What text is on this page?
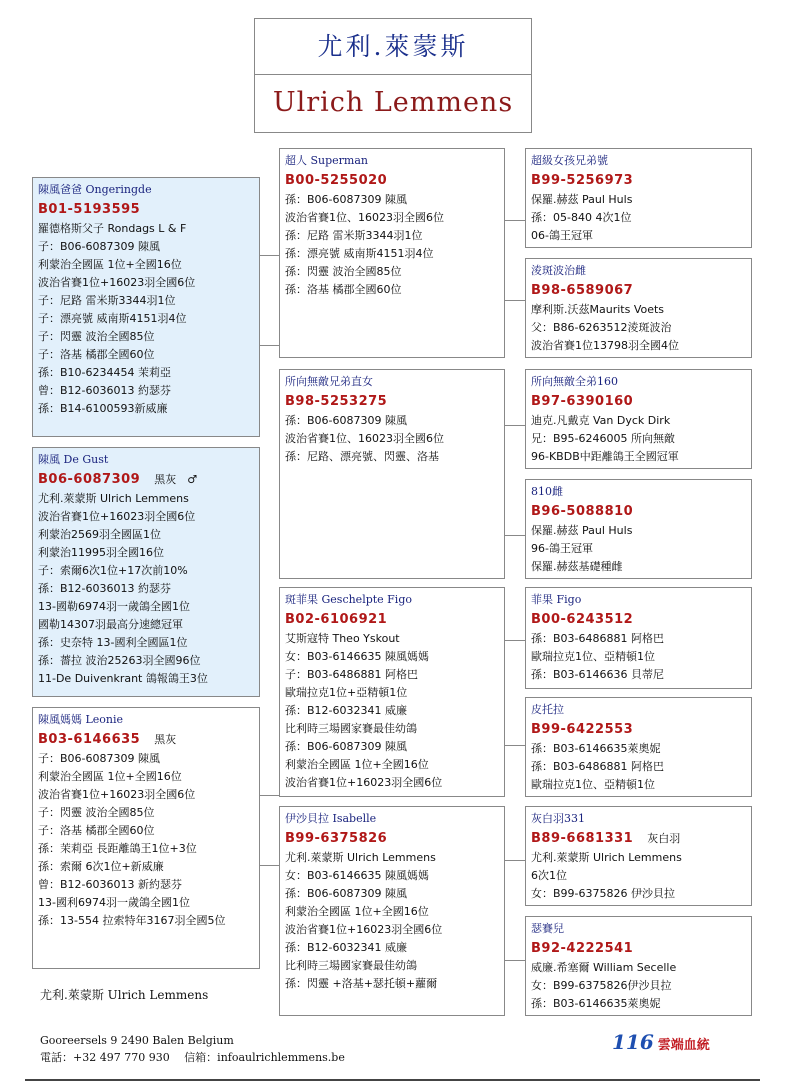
尤利.萊蒙斯
Ulrich Lemmens
陳風爸爸 Ongeringde
B01-5193595
羅德格斯父子 Rondags L & F
子：B06-6087309 陳風
利蒙治全國區 1位+全國16位
波治省賽1位+16023羽全國6位
子：尼路 雷米斯3344羽1位
子：漂亮號 威南斯4151羽4位
子：閃靈 波治全國85位
子：洛基 橘郡全國60位
孫：B10-6234454 茉莉亞
曾：B12-6036013 約瑟芬
孫：B14-6100593新威廉
陳風 De Gust
B06-6087309 黑灰　♂
尤利.萊蒙斯 Ulrich Lemmens
波治省賽1位+16023羽全國6位
利蒙治2569羽全國區1位
利蒙治11995羽全國16位
子：索爾6次1位+17次前10%
孫：B12-6036013 約瑟芬
13-國勒6974羽一歲鴿全國1位
國勒14307羽最高分速總冠軍
孫：史奈特 13-國利全國區1位
孫：薔拉 波治25263羽全國96位
11-De Duivenkrant 鴿報鴿王3位
陳風媽媽 Leonie
B03-6146635 黑灰
子：B06-6087309 陳風
利蒙治全國區 1位+全國16位
波治省賽1位+16023羽全國6位
子：閃靈 波治全國85位
子：洛基 橘郡全國60位
孫：茉莉亞 長距離鴿王1位+3位
孫：索爾 6次1位+新威廉
曾：B12-6036013 新約瑟芬
13-國利6974羽一歲鴿全國1位
孫：13-554 拉索特年3167羽全國5位
超人 Superman
B00-5255020
孫：B06-6087309 陳風
波治省賽1位、16023羽全國6位
孫：尼路 雷米斯3344羽1位
孫：漂亮號 威南斯4151羽4位
孫：閃靈 波治全國85位
孫：洛基 橘郡全國60位
所向無敵兄弟直女
B98-5253275
孫：B06-6087309 陳風
波治省賽1位、16023羽全國6位
孫：尼路、漂亮號、閃靈、洛基
斑菲果 Geschelpte Figo
B02-6106921
艾斯寇特 Theo Yskout
女：B03-6146635 陳風媽媽
子：B03-6486881 阿格巴
歐瑞拉克1位+亞精頓1位
孫：B12-6032341 威廉
比利時三場國家賽最佳幼鴿
孫：B06-6087309 陳風
利蒙治全國區 1位+全國16位
波治省賽1位+16023羽全國6位
伊沙貝拉 Isabelle
B99-6375826
尤利.萊蒙斯 Ulrich Lemmens
女：B03-6146635 陳風媽媽
孫：B06-6087309 陳風
利蒙治全國區 1位+全國16位
波治省賽1位+16023羽全國6位
孫：B12-6032341 威廉
比利時三場國家賽最佳幼鴿
孫：閃靈 +洛基+瑟托頓+蘿爾
超級女孩兄弟號
B99-5256973
保羅.赫茲 Paul Huls
孫：05-840 4次1位
06-鴿王冠軍
淩斑波治雌
B98-6589067
摩利斯.沃茲Maurits Voets
父：B86-6263512淩斑波治
波治省賽1位13798羽全國4位
所向無敵全弟160
B97-6390160
迪克.凡戴克 Van Dyck Dirk
兄：B95-6246005 所向無敵
96-KBDB中距離鴿王全國冠軍
810雌
B96-5088810
保羅.赫茲 Paul Huls
96-鴿王冠軍
保羅.赫茲基礎種雌
菲果 Figo
B00-6243512
孫：B03-6486881 阿格巴
歐瑞拉克1位、亞精頓1位
孫：B03-6146636 貝蒂尼
皮托拉
B99-6422553
孫：B03-6146635萊奧妮
孫：B03-6486881 阿格巴
歐瑞拉克1位、亞精頓1位
灰白羽331
B89-6681331 灰白羽
尤利.萊蒙斯 Ulrich Lemmens
6次1位
女：B99-6375826 伊沙貝拉
瑟賽兒
B92-4222541
威廉.希塞爾 William Secelle
女：B99-6375826伊沙貝拉
孫：B03-6146635萊奧妮
尤利.萊蒙斯 Ulrich Lemmens
Gooreersels 9 2490 Balen Belgium
電話：+32 497 770 930　 信箱：infoaulrichlemmens.be
116 雲端血統
